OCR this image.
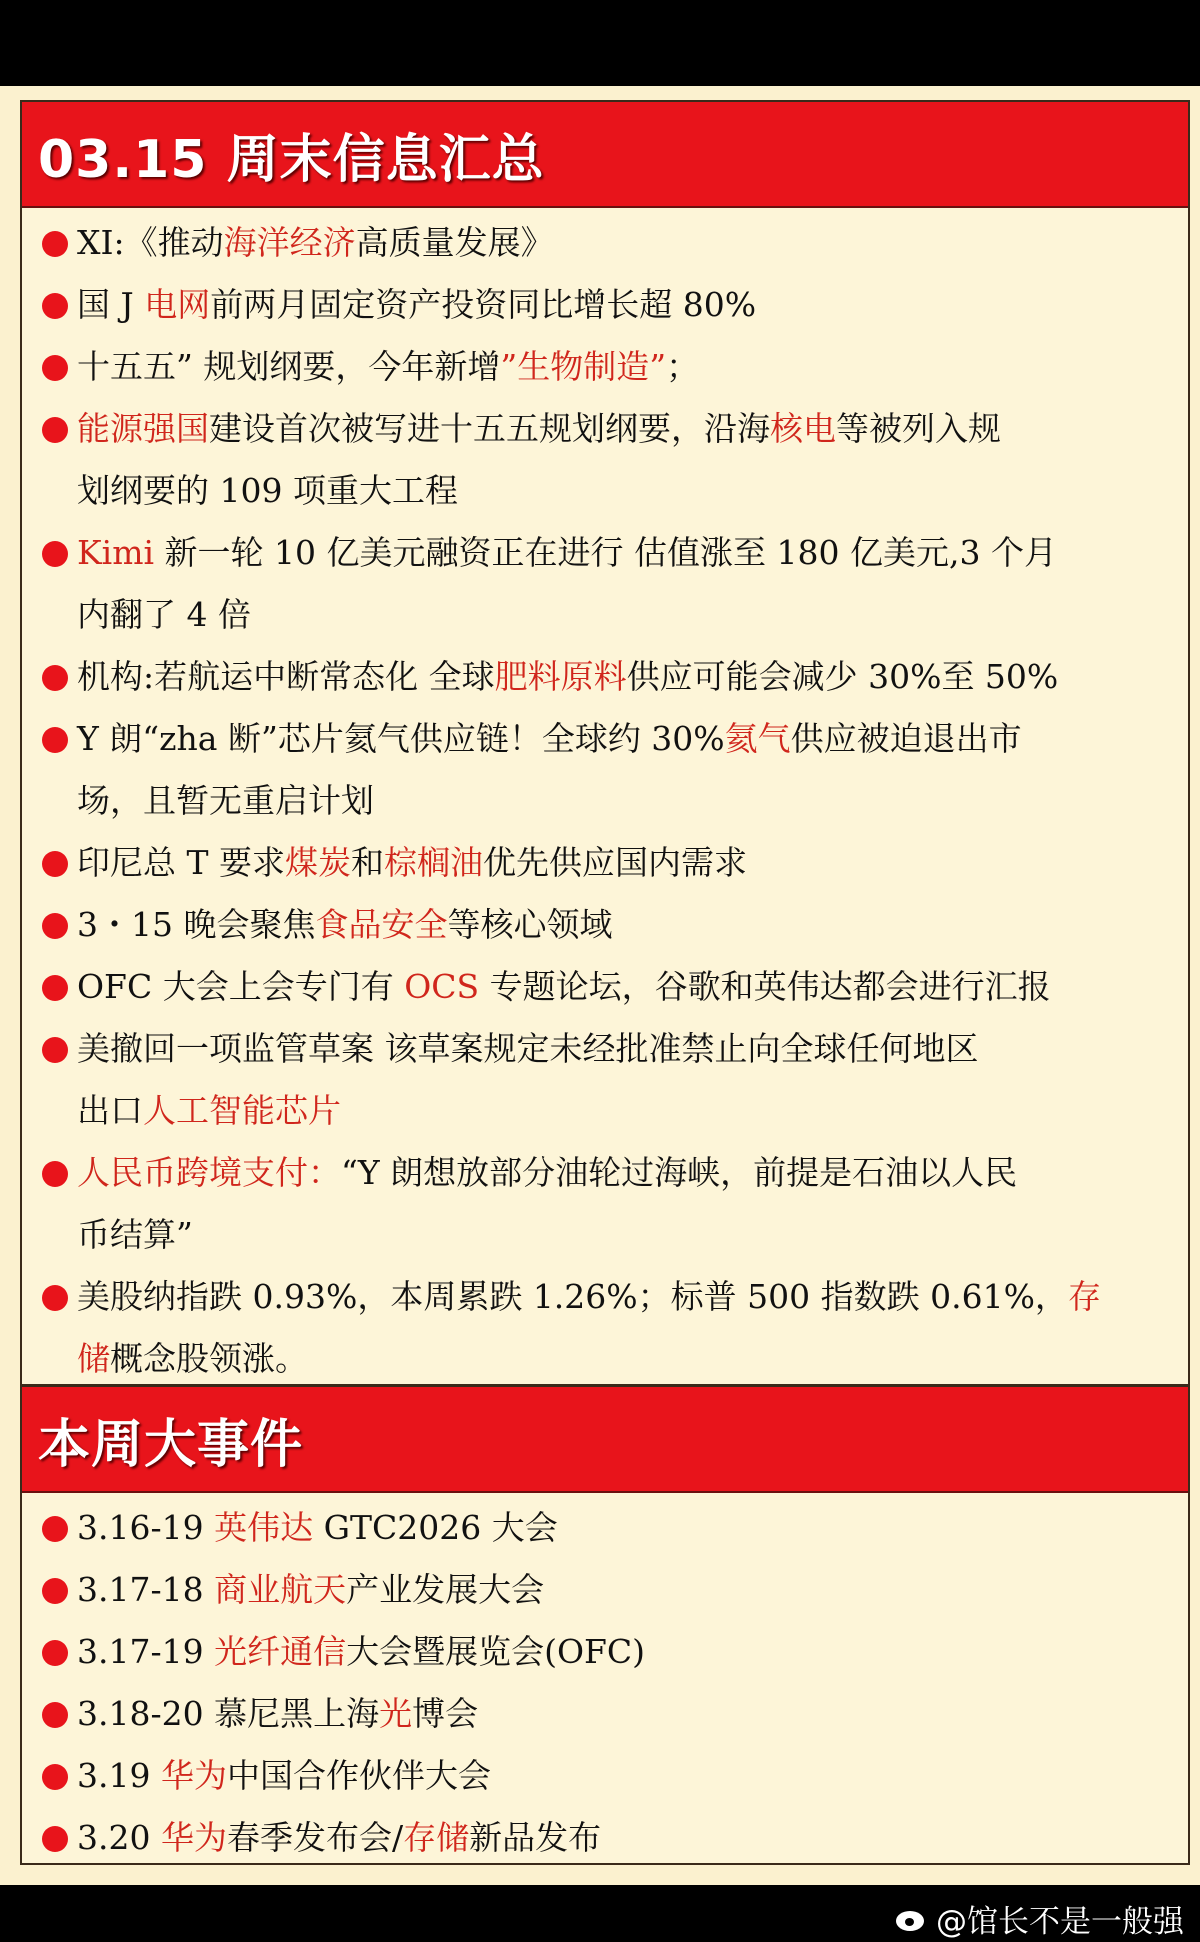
03.15 周末信息汇总
XI:《推动海洋经济高质量发展》
国 J 电网前两月固定资产投资同比增长超 80%
十五五” 规划纲要，今年新增”生物制造”；
能源强国建设首次被写进十五五规划纲要，沿海核电等被列入规
划纲要的 109 项重大工程
Kimi 新一轮 10 亿美元融资正在进行 估值涨至 180 亿美元,3 个月
内翻了 4 倍
机构:若航运中断常态化 全球肥料原料供应可能会减少 30%至 50%
Y 朗“zha 断”芯片氦气供应链！全球约 30%氦气供应被迫退出市
场，且暂无重启计划
印尼总 T 要求煤炭和棕榈油优先供应国内需求
3・15 晚会聚焦食品安全等核心领域
OFC 大会上会专门有 OCS 专题论坛，谷歌和英伟达都会进行汇报
美撤回一项监管草案 该草案规定未经批准禁止向全球任何地区
出口人工智能芯片
人民币跨境支付：“Y 朗想放部分油轮过海峡，前提是石油以人民
币结算”
美股纳指跌 0.93%，本周累跌 1.26%；标普 500 指数跌 0.61%，存
储概念股领涨。
本周大事件
3.16-19 英伟达 GTC2026 大会
3.17-18 商业航天产业发展大会
3.17-19 光纤通信大会暨展览会(OFC)
3.18-20 慕尼黑上海光博会
3.19 华为中国合作伙伴大会
3.20 华为春季发布会/存储新品发布
@馆长不是一般强
